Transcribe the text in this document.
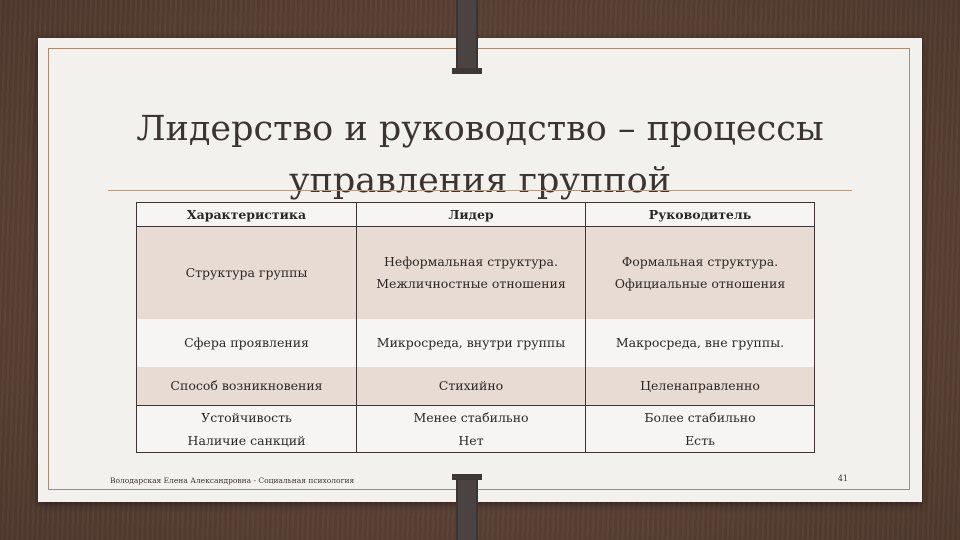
Лидерство и руководство – процессы
управления группой
Характеристика	Лидер	Руководитель
Структура группы	Неформальная структура. Межличностные отношения	Формальная структура. Официальные отношения
Сфера проявления	Микросреда, внутри группы	Макросреда, вне группы.
Способ возникновения	Стихийно	Целенаправленно
Устойчивость	Менее стабильно	Более стабильно
Наличие санкций	Нет	Есть
Володарская Елена Александровна - Социальная психология	41
